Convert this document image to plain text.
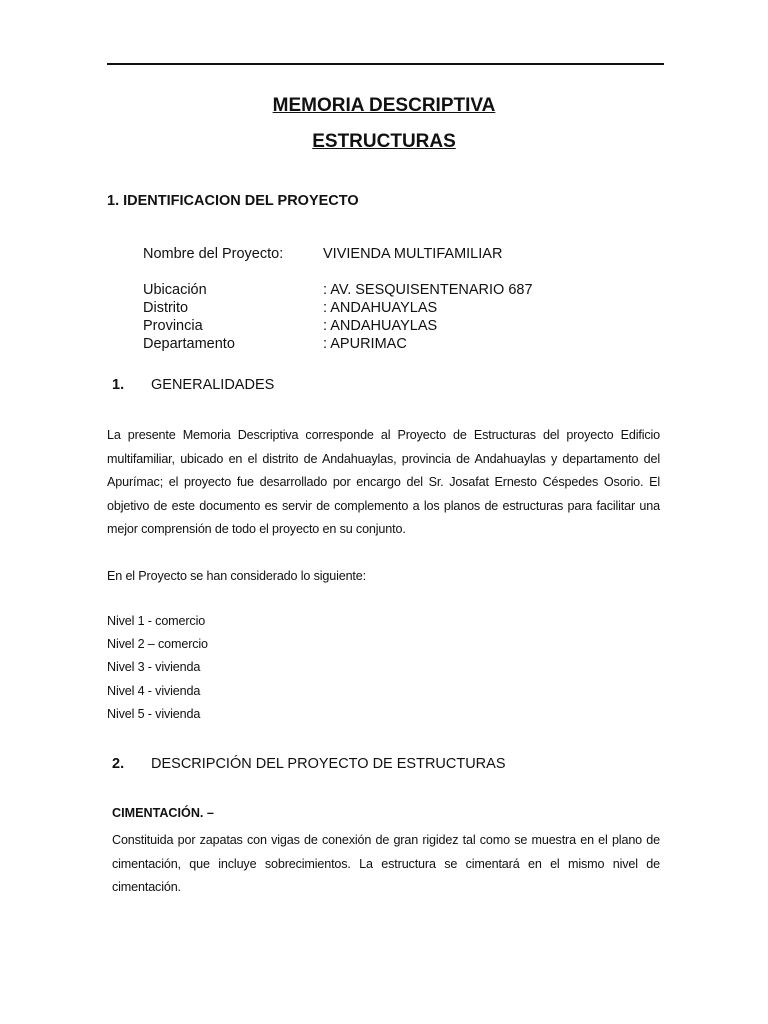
MEMORIA DESCRIPTIVA
ESTRUCTURAS
1. IDENTIFICACION DEL PROYECTO
Nombre del Proyecto:	VIVIENDA MULTIFAMILIAR
Ubicación	: AV. SESQUISENTENARIO 687
Distrito	: ANDAHUAYLAS
Provincia	: ANDAHUAYLAS
Departamento	: APURIMAC
1. GENERALIDADES
La presente Memoria Descriptiva corresponde al Proyecto de Estructuras del proyecto Edificio multifamiliar, ubicado en el distrito de Andahuaylas, provincia de Andahuaylas y departamento del Apurímac; el proyecto fue desarrollado por encargo del Sr. Josafat Ernesto Céspedes Osorio. El objetivo de este documento es servir de complemento a los planos de estructuras para facilitar una mejor comprensión de todo el proyecto en su conjunto.
En el Proyecto se han considerado lo siguiente:
Nivel 1 - comercio
Nivel 2 – comercio
Nivel 3 - vivienda
Nivel 4 - vivienda
Nivel 5 - vivienda
2. DESCRIPCIÓN DEL PROYECTO DE ESTRUCTURAS
CIMENTACIÓN. –
Constituida por zapatas con vigas de conexión de gran rigidez tal como se muestra en el plano de cimentación, que incluye sobrecimientos. La estructura se cimentará en el mismo nivel de cimentación.
